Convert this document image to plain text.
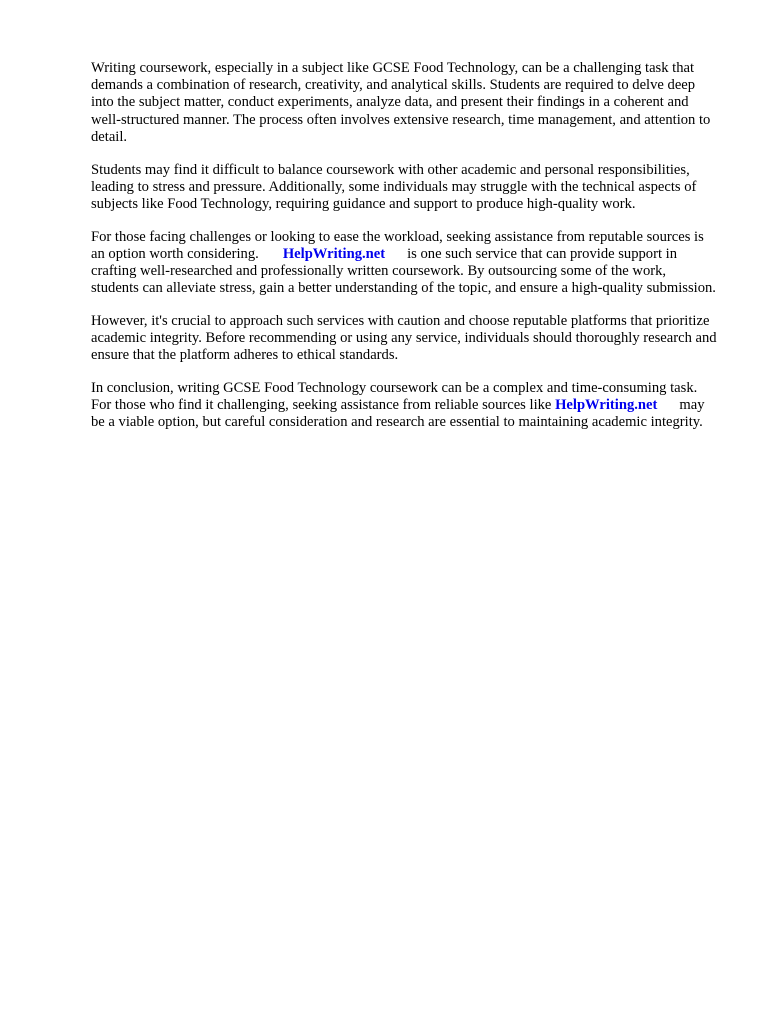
Writing coursework, especially in a subject like GCSE Food Technology, can be a challenging task that demands a combination of research, creativity, and analytical skills. Students are required to delve deep into the subject matter, conduct experiments, analyze data, and present their findings in a coherent and well-structured manner. The process often involves extensive research, time management, and attention to detail.

Students may find it difficult to balance coursework with other academic and personal responsibilities, leading to stress and pressure. Additionally, some individuals may struggle with the technical aspects of subjects like Food Technology, requiring guidance and support to produce high-quality work.

For those facing challenges or looking to ease the workload, seeking assistance from reputable sources is an option worth considering. HelpWriting.net is one such service that can provide support in crafting well-researched and professionally written coursework. By outsourcing some of the work, students can alleviate stress, gain a better understanding of the topic, and ensure a high-quality submission.

However, it's crucial to approach such services with caution and choose reputable platforms that prioritize academic integrity. Before recommending or using any service, individuals should thoroughly research and ensure that the platform adheres to ethical standards.

In conclusion, writing GCSE Food Technology coursework can be a complex and time-consuming task. For those who find it challenging, seeking assistance from reliable sources like HelpWriting.net may be a viable option, but careful consideration and research are essential to maintaining academic integrity.
